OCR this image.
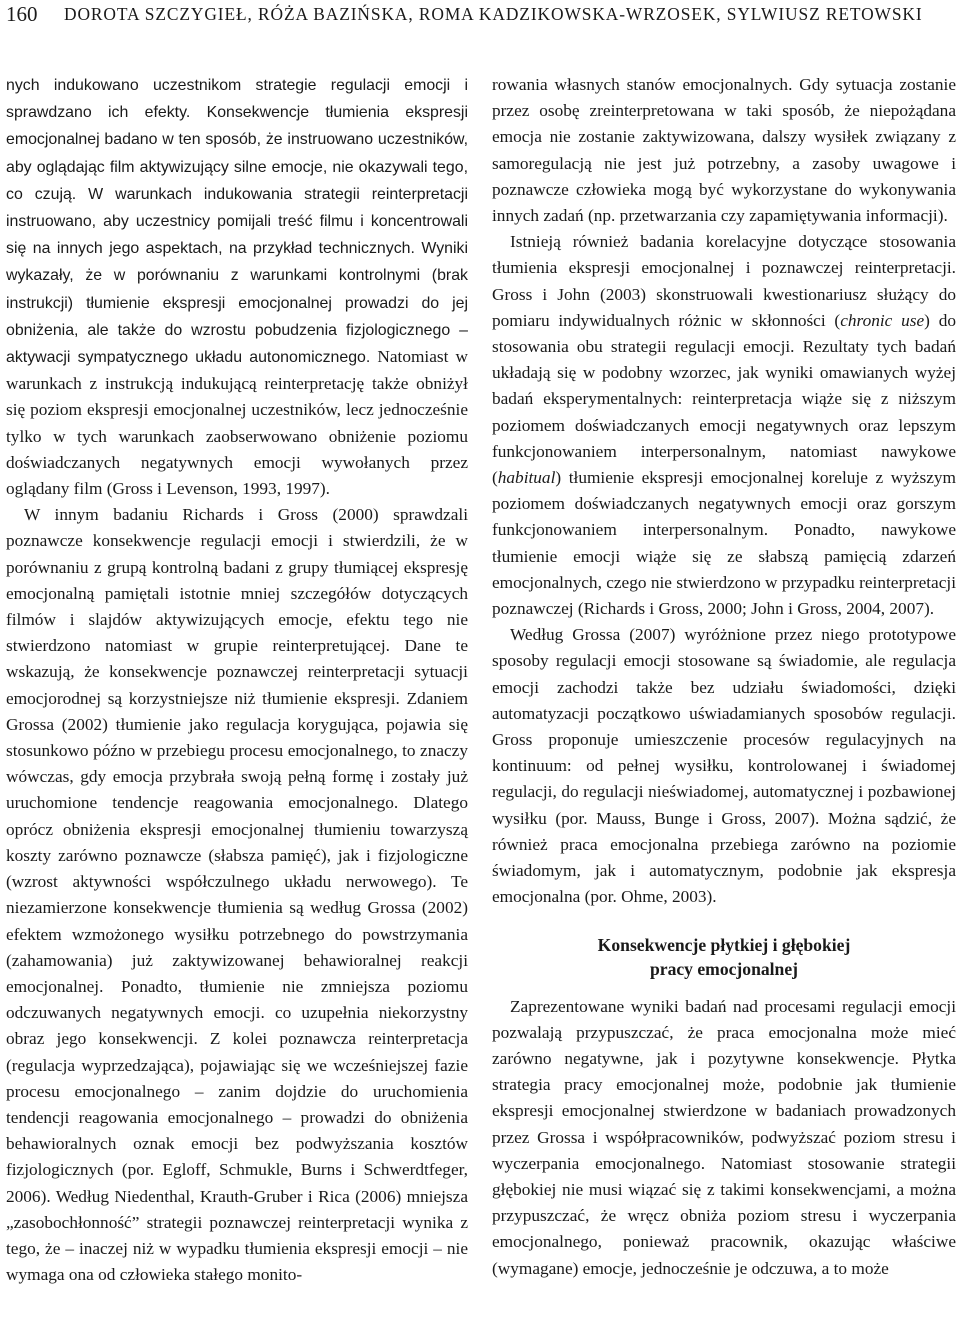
160 DOROTA SZCZYGIEŁ, RÓŻA BAZIŃSKA, ROMA KADZIKOWSKA-WRZOSEK, SYLWIUSZ RETOWSKI

nych indukowano uczestnikom strategie regulacji emocji i sprawdzano ich efekty. Konsekwencje tłumienia ekspresji emocjonalnej badano w ten sposób, że instruowano uczestników, aby oglądając film aktywizujący silne emocje, nie okazywali tego, co czują. W warunkach indukowania strategii reinterpretacji instruowano, aby uczestnicy pomijali treść filmu i koncentrowali się na innych jego aspektach, na przykład technicznych. Wyniki wykazały, że w porównaniu z warunkami kontrolnymi (brak instrukcji) tłumienie ekspresji emocjonalnej prowadzi do jej obniżenia, ale także do wzrostu pobudzenia fizjologicznego – aktywacji sympatycznego układu autonomicznego. Natomiast w warunkach z instrukcją indukującą reinterpretację także obniżył się poziom ekspresji emocjonalnej uczestników, lecz jednocześnie tylko w tych warunkach zaobserwowano obniżenie poziomu doświadczanych negatywnych emocji wywołanych przez oglądany film (Gross i Levenson, 1993, 1997).

W innym badaniu Richards i Gross (2000) sprawdzali poznawcze konsekwencje regulacji emocji i stwierdzili, że w porównaniu z grupą kontrolną badani z grupy tłumiącej ekspresję emocjonalną pamiętali istotnie mniej szczegółów dotyczących filmów i slajdów aktywizujących emocje, efektu tego nie stwierdzono natomiast w grupie reinterpretującej. Dane te wskazują, że konsekwencje poznawczej reinterpretacji sytuacji emocjorodnej są korzystniejsze niż tłumienie ekspresji. Zdaniem Grossa (2002) tłumienie jako regulacja korygująca, pojawia się stosunkowo późno w przebiegu procesu emocjonalnego, to znaczy wówczas, gdy emocja przybrała swoją pełną formę i zostały już uruchomione tendencje reagowania emocjonalnego. Dlatego oprócz obniżenia ekspresji emocjonalnej tłumieniu towarzyszą koszty zarówno poznawcze (słabsza pamięć), jak i fizjologiczne (wzrost aktywności współczulnego układu nerwowego). Te niezamierzone konsekwencje tłumienia są według Grossa (2002) efektem wzmożonego wysiłku potrzebnego do powstrzymania (zahamowania) już zaktywizowanej behawioralnej reakcji emocjonalnej. Ponadto, tłumienie nie zmniejsza poziomu odczuwanych negatywnych emocji. co uzupełnia niekorzystny obraz jego konsekwencji. Z kolei poznawcza reinterpretacja (regulacja wyprzedzająca), pojawiając się we wcześniejszej fazie procesu emocjonalnego – zanim dojdzie do uruchomienia tendencji reagowania emocjonalnego – prowadzi do obniżenia behawioralnych oznak emocji bez podwyższania kosztów fizjologicznych (por. Egloff, Schmukle, Burns i Schwerdtfeger, 2006). Według Niedenthal, Krauth-Gruber i Rica (2006) mniejsza „zasobochłonność” strategii poznawczej reinterpretacji wynika z tego, że – inaczej niż w wypadku tłumienia ekspresji emocji – nie wymaga ona od człowieka stałego monito-

rowania własnych stanów emocjonalnych. Gdy sytuacja zostanie przez osobę zreinterpretowana w taki sposób, że niepożądana emocja nie zostanie zaktywizowana, dalszy wysiłek związany z samoregulacją nie jest już potrzebny, a zasoby uwagowe i poznawcze człowieka mogą być wykorzystane do wykonywania innych zadań (np. przetwarzania czy zapamiętywania informacji).

Istnieją również badania korelacyjne dotyczące stosowania tłumienia ekspresji emocjonalnej i poznawczej reinterpretacji. Gross i John (2003) skonstruowali kwestionariusz służący do pomiaru indywidualnych różnic w skłonności (chronic use) do stosowania obu strategii regulacji emocji. Rezultaty tych badań układają się w podobny wzorzec, jak wyniki omawianych wyżej badań eksperymentalnych: reinterpretacja wiąże się z niższym poziomem doświadczanych emocji negatywnych oraz lepszym funkcjonowaniem interpersonalnym, natomiast nawykowe (habitual) tłumienie ekspresji emocjonalnej koreluje z wyższym poziomem doświadczanych negatywnych emocji oraz gorszym funkcjonowaniem interpersonalnym. Ponadto, nawykowe tłumienie emocji wiąże się ze słabszą pamięcią zdarzeń emocjonalnych, czego nie stwierdzono w przypadku reinterpretacji poznawczej (Richards i Gross, 2000; John i Gross, 2004, 2007).

Według Grossa (2007) wyróżnione przez niego prototypowe sposoby regulacji emocji stosowane są świadomie, ale regulacja emocji zachodzi także bez udziału świadomości, dzięki automatyzacji początkowo uświadamianych sposobów regulacji. Gross proponuje umieszczenie procesów regulacyjnych na kontinuum: od pełnej wysiłku, kontrolowanej i świadomej regulacji, do regulacji nieświadomej, automatycznej i pozbawionej wysiłku (por. Mauss, Bunge i Gross, 2007). Można sądzić, że również praca emocjonalna przebiega zarówno na poziomie świadomym, jak i automatycznym, podobnie jak ekspresja emocjonalna (por. Ohme, 2003).

Konsekwencje płytkiej i głębokiej
pracy emocjonalnej

Zaprezentowane wyniki badań nad procesami regulacji emocji pozwalają przypuszczać, że praca emocjonalna może mieć zarówno negatywne, jak i pozytywne konsekwencje. Płytka strategia pracy emocjonalnej może, podobnie jak tłumienie ekspresji emocjonalnej stwierdzone w badaniach prowadzonych przez Grossa i współpracowników, podwyższać poziom stresu i wyczerpania emocjonalnego. Natomiast stosowanie strategii głębokiej nie musi wiązać się z takimi konsekwencjami, a można przypuszczać, że wręcz obniża poziom stresu i wyczerpania emocjonalnego, ponieważ pracownik, okazując właściwe (wymagane) emocje, jednocześnie je odczuwa, a to może
